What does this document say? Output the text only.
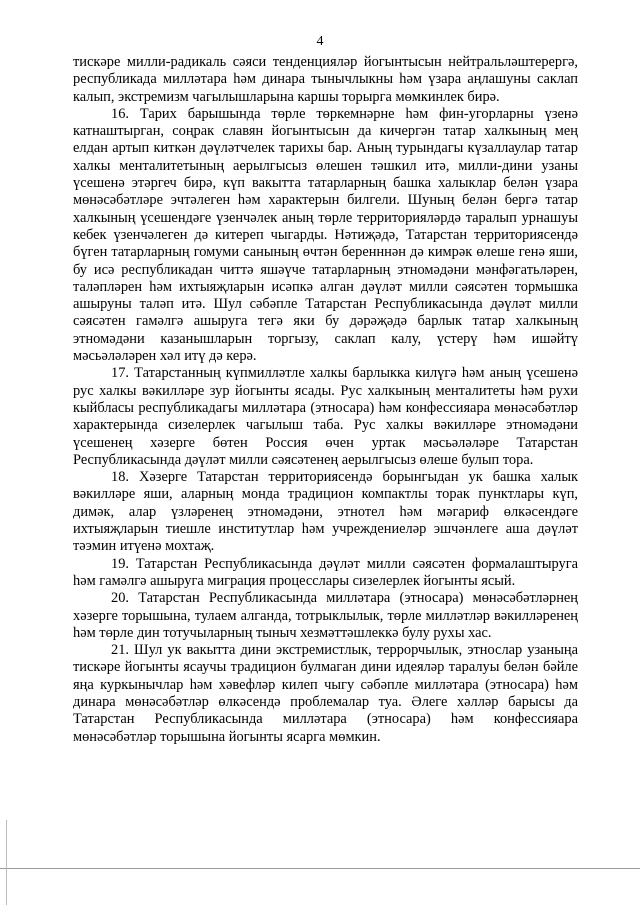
4

тискәре милли-радикаль сәяси тенденцияләр йогынтысын нейтральләштерергә, республикада милләтара һәм динара тынычлыкны һәм үзара аңлашуны саклап калып, экстремизм чагылышларына каршы торырга мөмкинлек бирә.

16. Тарих барышында төрле төркемнәрне һәм фин-угорларны үзенә катнаштырган, соңрак славян йогынтысын да кичергән татар халкының мең елдан артып киткән дәүләтчелек тарихы бар. Аның турындагы күзаллаулар татар халкы менталитетының аерылгысыз өлешен тәшкил итә, милли-дини узаны үсешенә этәргеч бирә, күп вакытта татарларның башка халыклар белән үзара мөнәсәбәтләре эчтәлеген һәм характерын билгели. Шуның белән бергә татар халкының үсешендәге үзенчәлек аның төрле территорияләрдә таралып урнашуы кебек үзенчәлеген дә китереп чыгарды. Нәтиҗәдә, Татарстан территориясендә бүген татарларның гомуми санының өчтән беренннән дә кимрәк өлеше генә яши, бу исә республикадан читтә яшәүче татарларның этномәдәни мәнфәгатьләрен, таләпләрен һәм ихтыяҗларын исәпкә алган дәүләт милли сәясәтен тормышка ашыруны таләп итә. Шул сәбәпле Татарстан Республикасында дәүләт милли сәясәтен гамәлгә ашыруга тегә яки бу дәрәҗәдә барлык татар халкының этномәдәни казанышларын торгызу, саклап калу, үстерү һәм ишәйтү мәсьәләләрен хәл итү дә керә.

17. Татарстанның күпмилләтле халкы барлыкка килүгә һәм аның үсешенә рус халкы вәкилләре зур йогынты ясады. Рус халкының менталитеты һәм рухи кыйбласы республикадагы милләтара (этносара) һәм конфессияара мөнәсәбәтләр характерында сизелерлек чагылыш таба. Рус халкы вәкилләре этномәдәни үсешенең хәзерге бөтен Россия өчен уртак мәсьәләләре Татарстан Республикасында дәүләт милли сәясәтенең аерылгысыз өлеше булып тора.

18. Хәзерге Татарстан территориясендә борынгыдан ук башка халык вәкилләре яши, аларның монда традицион компактлы торак пунктлары күп, димәк, алар үзләренең этномәдәни, этнотел һәм мәгариф өлкәсендәге ихтыяҗларын тиешле институтлар һәм учреждениеләр эшчәнлеге аша дәүләт тәэмин итүенә мохтаҗ.

19. Татарстан Республикасында дәүләт милли сәясәтен формалаштыруга һәм гамәлгә ашыруга миграция процесслары сизелерлек йогынты ясый.

20. Татарстан Республикасында милләтара (этносара) мөнәсәбәтләрнең хәзерге торышына, тулаем алганда, тотрыклылык, төрле милләтләр вәкилләренең һәм төрле дин тотучыларның тыныч хезмәттәшлеккә булу рухы хас.

21. Шул ук вакытта дини экстремистлык, террорчылык, этнослар узаныңа тискәре йогынты ясаучы традицион булмаган дини идеяләр таралуы белән бәйле яңа куркынычлар һәм хәвефләр килеп чыгу сәбәпле милләтара (этносара) һәм динара мөнәсәбәтләр өлкәсендә проблемалар туа. Әлеге хәлләр барысы да Татарстан Республикасында милләтара (этносара) һәм конфессияара мөнәсәбәтләр торышына йогынты ясарга мөмкин.
